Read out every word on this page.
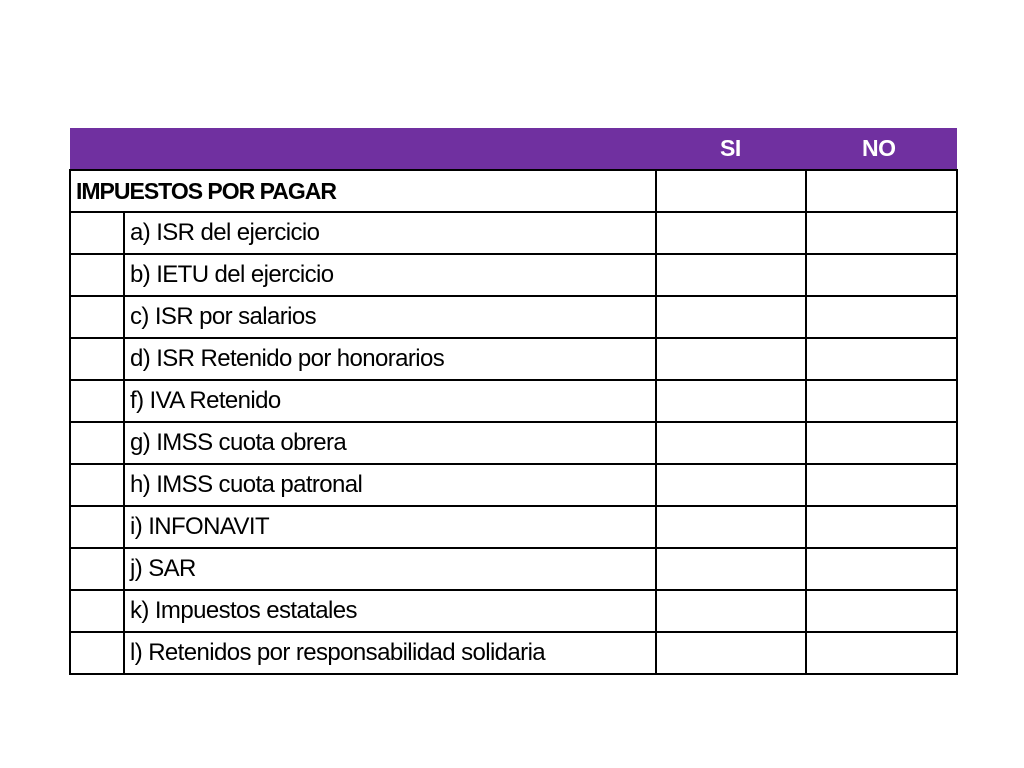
		SI	NO
IMPUESTOS POR PAGAR			
	a) ISR del ejercicio		
	b) IETU del ejercicio		
	c) ISR por salarios		
	d) ISR Retenido por honorarios		
	f) IVA Retenido		
	g) IMSS cuota obrera		
	h) IMSS cuota patronal		
	i) INFONAVIT		
	j) SAR		
	k) Impuestos estatales		
	l) Retenidos por responsabilidad solidaria		
